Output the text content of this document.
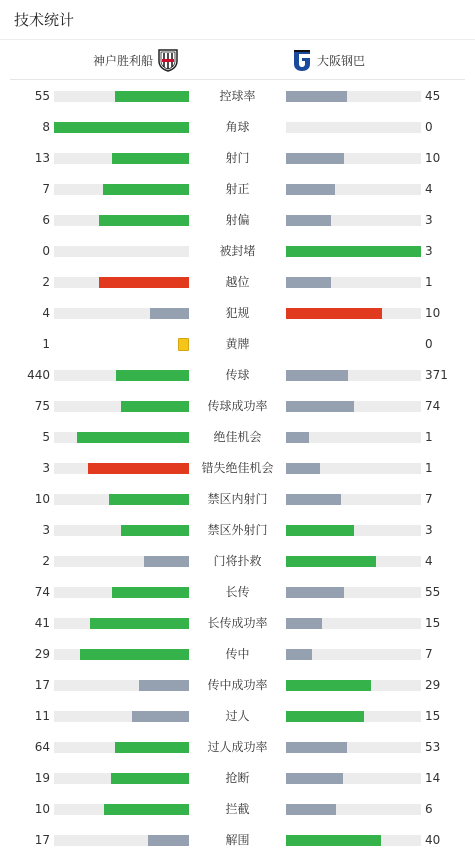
技术统计
神户胜利船	大阪钢巴
55	控球率	45
8	角球	0
13	射门	10
7	射正	4
6	射偏	3
0	被封堵	3
2	越位	1
4	犯规	10
1	黄牌	0
440	传球	371
75	传球成功率	74
5	绝佳机会	1
3	错失绝佳机会	1
10	禁区内射门	7
3	禁区外射门	3
2	门将扑救	4
74	长传	55
41	长传成功率	15
29	传中	7
17	传中成功率	29
11	过人	15
64	过人成功率	53
19	抢断	14
10	拦截	6
17	解围	40
